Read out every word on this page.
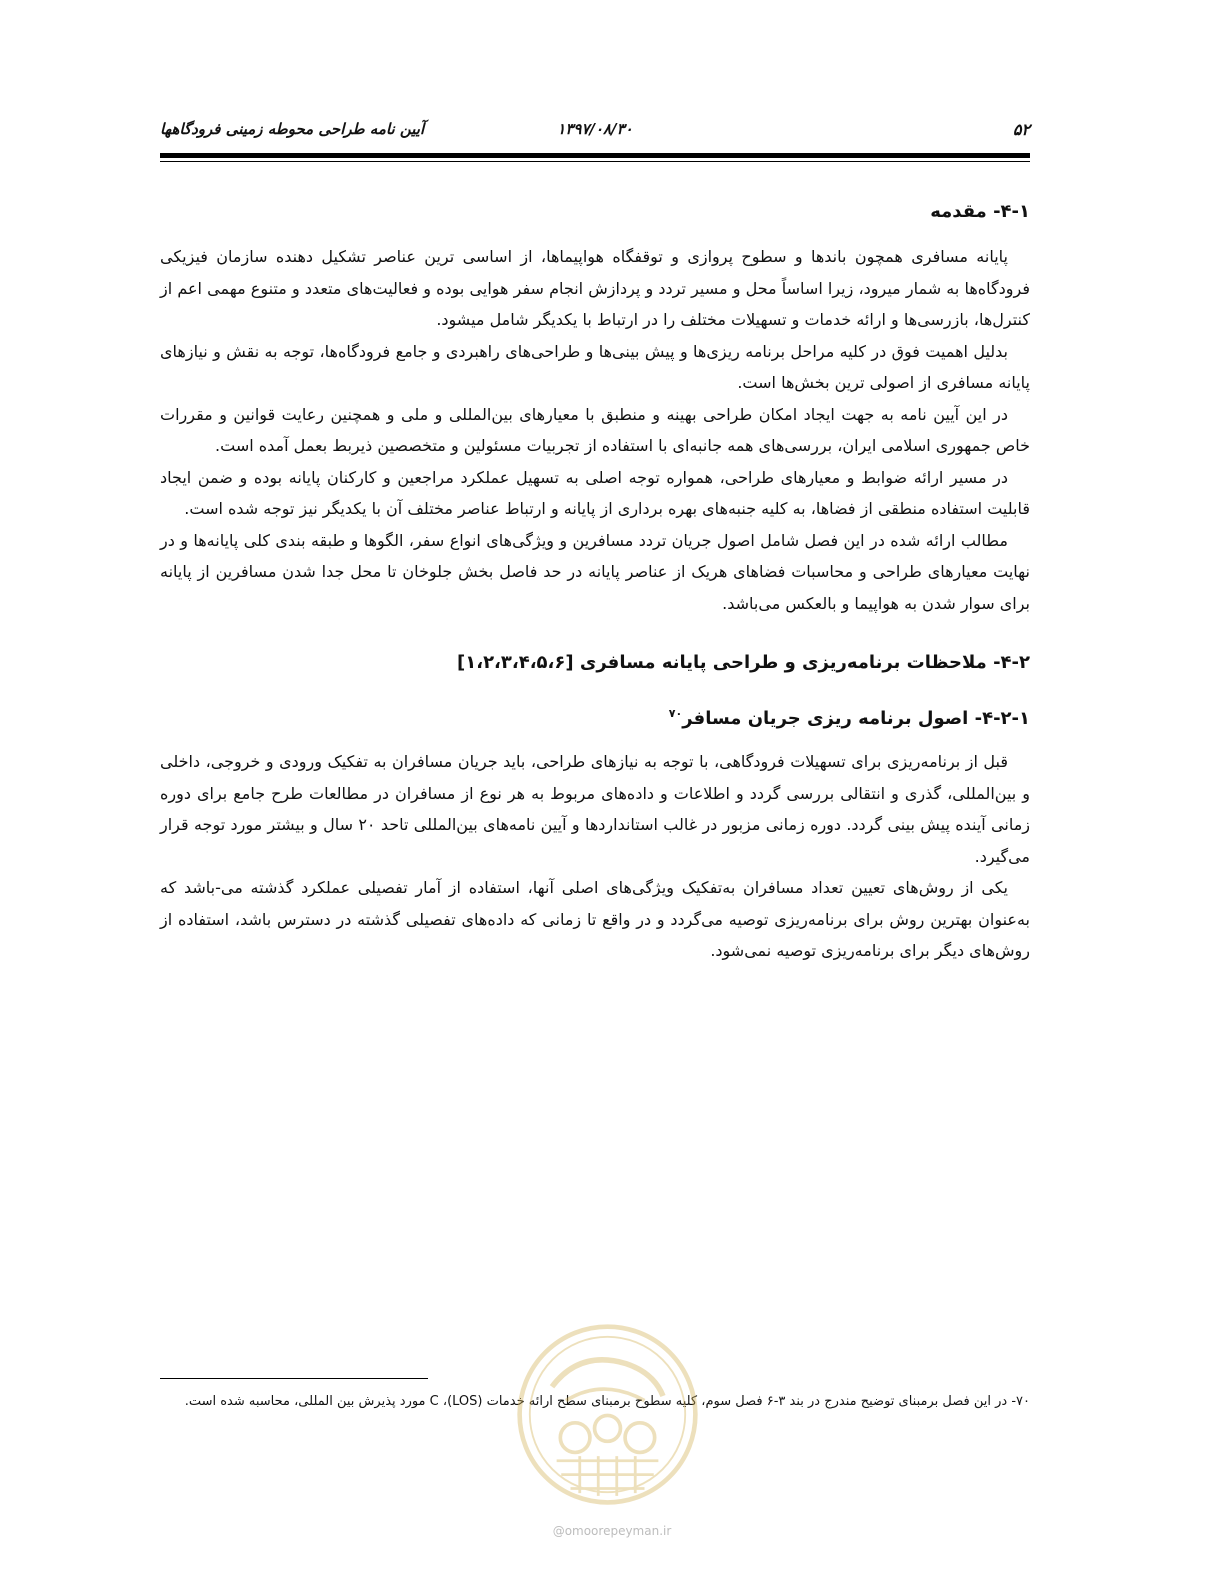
۵۲
۱۳۹۷/۰۸/۳۰
آیین نامه طراحی محوطه زمینی فرودگاهها
۴-۱- مقدمه

پایانه مسافری همچون باندها و سطوح پروازی و توقفگاه هواپیماها، از اساسی ترین عناصر تشکیل دهنده سازمان فیزیکی فرودگاه‌ها به شمار میرود، زیرا اساساً محل و مسیر تردد و پردازش انجام سفر هوایی بوده و فعالیت‌های متعدد و متنوع مهمی اعم از کنترل‌ها، بازرسی‌ها و ارائه خدمات و تسهیلات مختلف را در ارتباط با یکدیگر شامل میشود.

بدلیل اهمیت فوق در کلیه مراحل برنامه ریزی‌ها و پیش بینی‌ها و طراحی‌های راهبردی و جامع فرودگاه‌ها، توجه به نقش و نیازهای پایانه مسافری از اصولی ترین بخش‌ها است.

در این آیین نامه به جهت ایجاد امکان طراحی بهینه و منطبق با معیارهای بین‌المللی و ملی و همچنین رعایت قوانین و مقررات خاص جمهوری اسلامی ایران، بررسی‌های همه جانبه‌ای با استفاده از تجربیات مسئولین و متخصصین ذیربط بعمل آمده است.

در مسیر ارائه ضوابط و معیارهای طراحی، همواره توجه اصلی به تسهیل عملکرد مراجعین و کارکنان پایانه بوده و ضمن ایجاد قابلیت استفاده منطقی از فضاها، به کلیه جنبه‌های بهره برداری از پایانه و ارتباط عناصر مختلف آن با یکدیگر نیز توجه شده است.

مطالب ارائه شده در این فصل شامل اصول جریان تردد مسافرین و ویژگی‌های انواع سفر، الگوها و طبقه بندی کلی پایانه‌ها و در نهایت معیارهای طراحی و محاسبات فضاهای هریک از عناصر پایانه در حد فاصل بخش جلوخان تا محل جدا شدن مسافرین از پایانه برای سوار شدن به هواپیما و بالعکس می‌باشد.

۴-۲- ملاحظات برنامه‌ریزی و طراحی پایانه مسافری [۱،۲،۳،۴،۵،۶]
۴-۲-۱- اصول برنامه ریزی جریان مسافر$^{۷۰}$

قبل از برنامه‌ریزی برای تسهیلات فرودگاهی، با توجه به نیازهای طراحی، باید جریان مسافران به تفکیک ورودی و خروجی، داخلی و بین‌المللی، گذری و انتقالی بررسی گردد و اطلاعات و داده‌های مربوط به هر نوع از مسافران در مطالعات طرح جامع برای دوره زمانی آینده پیش بینی گردد. دوره زمانی مزبور در غالب استانداردها و آیین نامه‌های بین‌المللی تاحد ۲۰ سال و بیشتر مورد توجه قرار می‌گیرد.

یکی از روش‌های تعیین تعداد مسافران به‌تفکیک ویژگی‌های اصلی آنها، استفاده از آمار تفصیلی عملکرد گذشته می-باشد که به‌عنوان بهترین روش برای برنامه‌ریزی توصیه می‌گردد و در واقع تا زمانی که داده‌های تفصیلی گذشته در دسترس باشد، استفاده از روش‌های دیگر برای برنامه‌ریزی توصیه نمی‌شود.

۷۰- در این فصل برمبنای توضیح مندرج در بند ۳-۶ فصل سوم، کلیه سطوح برمبنای سطح ارائه خدمات (LOS)، C مورد پذیرش بین المللی، محاسبه شده است.
@omoorepeyman.ir
